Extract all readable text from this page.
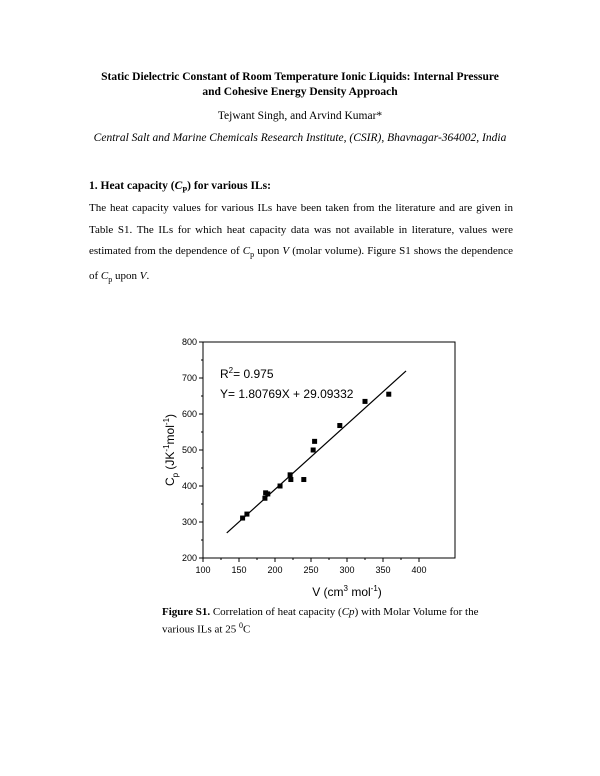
Static Dielectric Constant of Room Temperature Ionic Liquids: Internal Pressure
and Cohesive Energy Density Approach
Tejwant Singh, and Arvind Kumar*
Central Salt and Marine Chemicals Research Institute, (CSIR), Bhavnagar-364002, India
1. Heat capacity $(C_P)$ for various ILs:
The heat capacity values for various ILs have been taken from the literature and are given in Table S1. The ILs for which heat capacity data was not available in literature, values were estimated from the dependence of $C_p$ upon V (molar volume). Figure S1 shows the dependence of $C_p$ upon V.
100 150 200 250 300 350 400
200
300
400
500
600
700
800
$R^2= 0.975$
Y= 1.80769X + 29.09332
V ($cm^3$ mol$^{-1}$)
$C_p$ $(JK^{-1}mol^{-1})$
Figure S1. Correlation of heat capacity (Cp) with Molar Volume for the various ILs at 25 $^0$C
